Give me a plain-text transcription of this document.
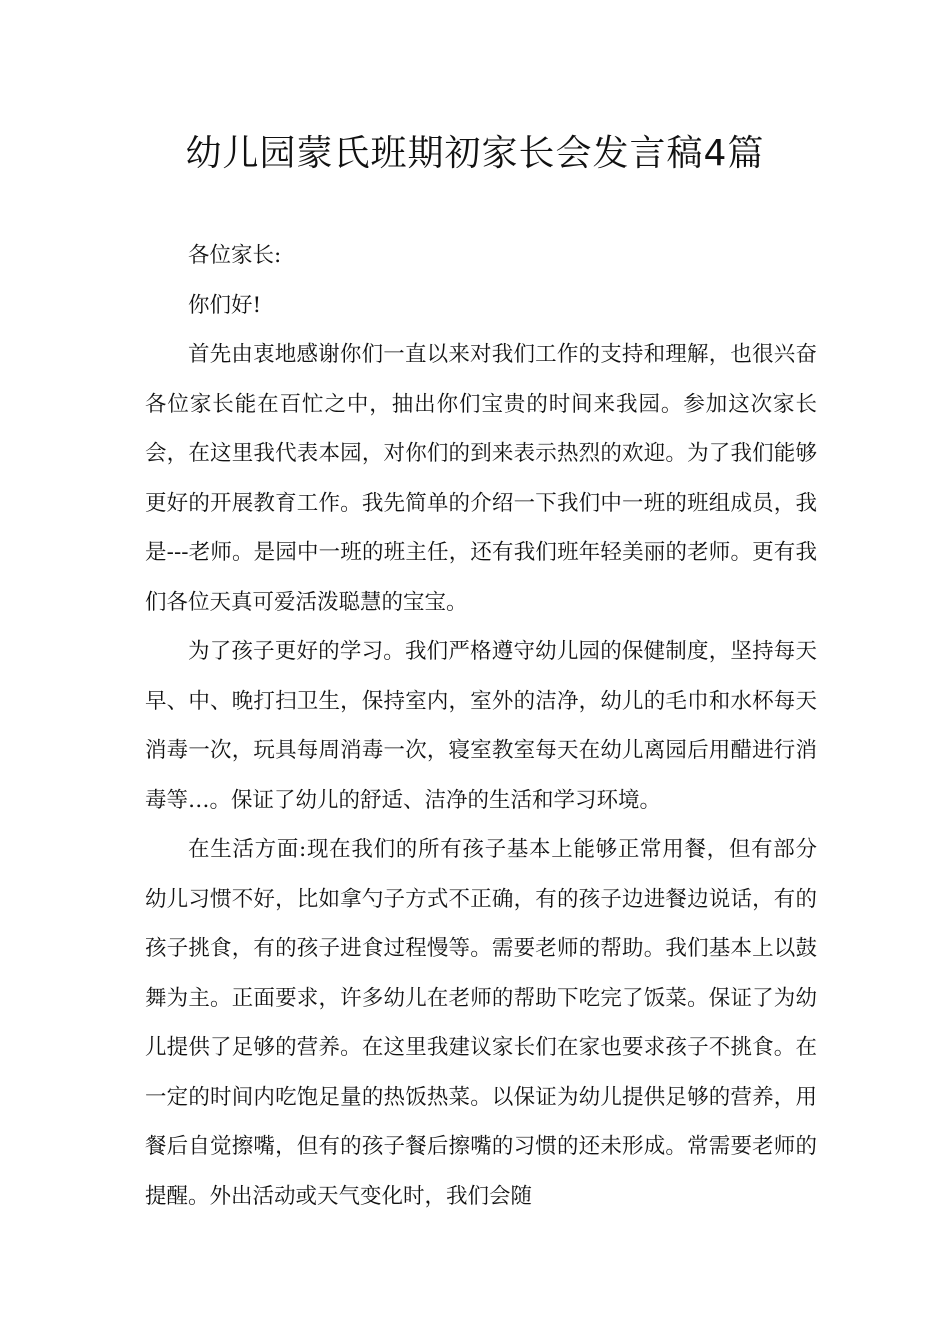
幼儿园蒙氏班期初家长会发言稿4篇

各位家长:

你们好!

首先由衷地感谢你们一直以来对我们工作的支持和理解，也很兴奋各位家长能在百忙之中，抽出你们宝贵的时间来我园。参加这次家长会，在这里我代表本园，对你们的到来表示热烈的欢迎。为了我们能够更好的开展教育工作。我先简单的介绍一下我们中一班的班组成员，我是---老师。是园中一班的班主任，还有我们班年轻美丽的老师。更有我们各位天真可爱活泼聪慧的宝宝。

为了孩子更好的学习。我们严格遵守幼儿园的保健制度，坚持每天早、中、晚打扫卫生，保持室内，室外的洁净，幼儿的毛巾和水杯每天消毒一次，玩具每周消毒一次，寝室教室每天在幼儿离园后用醋进行消毒等…。保证了幼儿的舒适、洁净的生活和学习环境。

在生活方面:现在我们的所有孩子基本上能够正常用餐，但有部分幼儿习惯不好，比如拿勺子方式不正确，有的孩子边进餐边说话，有的孩子挑食，有的孩子进食过程慢等。需要老师的帮助。我们基本上以鼓舞为主。正面要求，许多幼儿在老师的帮助下吃完了饭菜。保证了为幼儿提供了足够的营养。在这里我建议家长们在家也要求孩子不挑食。在一定的时间内吃饱足量的热饭热菜。以保证为幼儿提供足够的营养，用餐后自觉擦嘴，但有的孩子餐后擦嘴的习惯的还未形成。常需要老师的提醒。外出活动或天气变化时，我们会随
